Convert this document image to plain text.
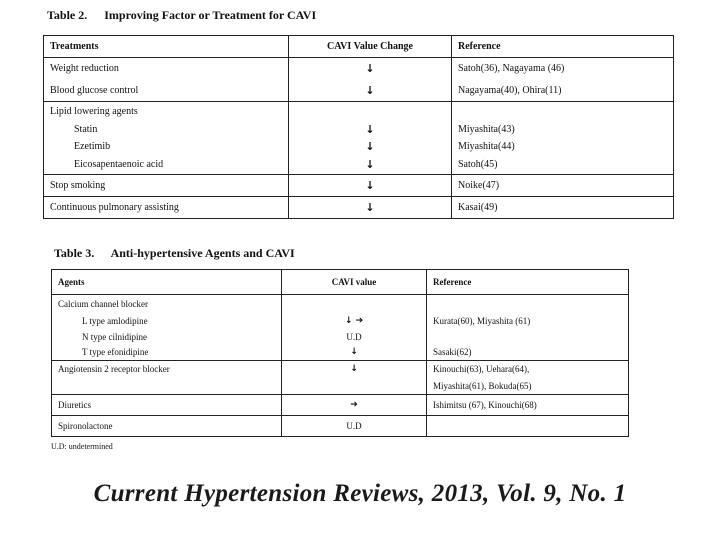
Table 2. Improving Factor or Treatment for CAVI
Treatments	CAVI Value Change	Reference
Weight reduction	↓	Satoh(36), Nagayama (46)
Blood glucose control	↓	Nagayama(40), Ohira(11)
Lipid lowering agents		
Statin	↓	Miyashita(43)
Ezetimib	↓	Miyashita(44)
Eicosapentaenoic acid	↓	Satoh(45)
Stop smoking	↓	Noike(47)
Continuous pulmonary assisting	↓	Kasai(49)
Table 3. Anti-hypertensive Agents and CAVI
Agents	CAVI value	Reference
Calcium channel blocker		
L type amlodipine	↓ ➔	Kurata(60), Miyashita (61)
N type cilnidipine	U.D	
T type efonidipine	↓	Sasaki(62)
Angiotensin 2 receptor blocker	↓	Kinouchi(63), Uehara(64),
		Miyashita(61), Bokuda(65)
Diuretics	➔	Ishimitsu (67), Kinouchi(68)
Spironolactone	U.D	
U.D: undetermined
Current Hypertension Reviews, 2013, Vol. 9, No. 1
